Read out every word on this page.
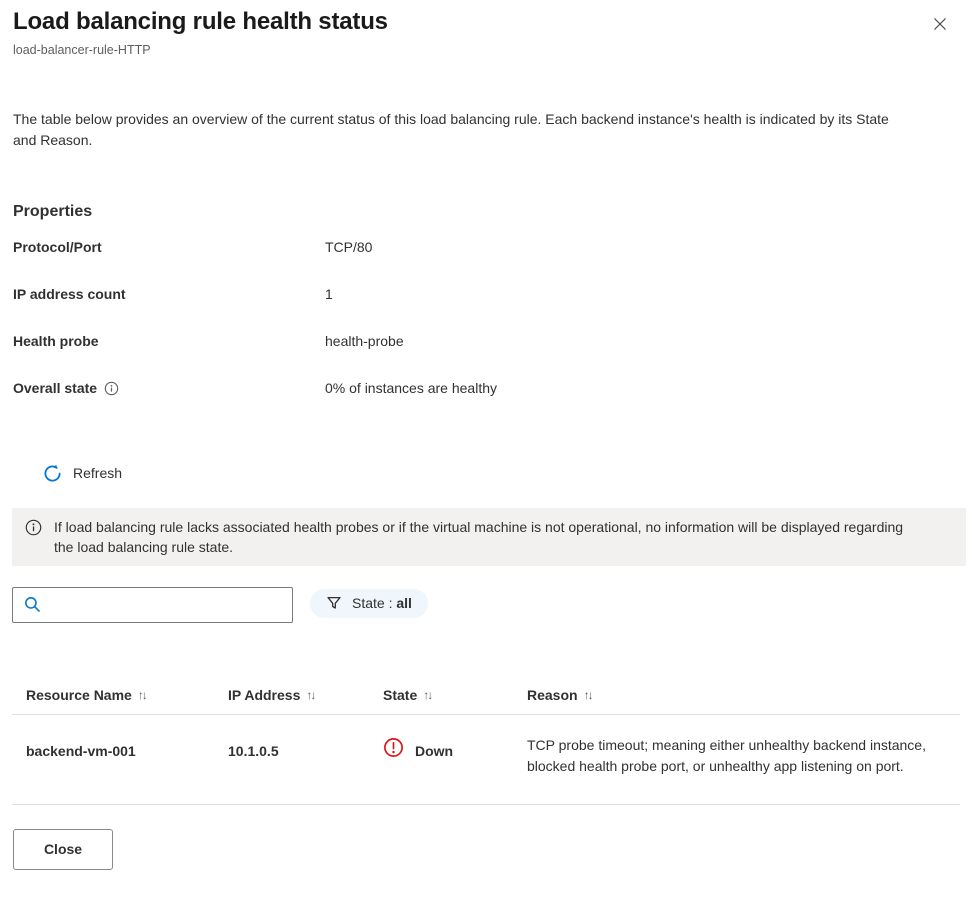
Load balancing rule health status
load-balancer-rule-HTTP
The table below provides an overview of the current status of this load balancing rule. Each backend instance's health is indicated by its State and Reason.
Properties
Protocol/Port	TCP/80
IP address count	1
Health probe	health-probe
Overall state	0% of instances are healthy
Refresh
If load balancing rule lacks associated health probes or if the virtual machine is not operational, no information will be displayed regarding the load balancing rule state.
State : all
Resource Name ↑↓	IP Address ↑↓	State ↑↓	Reason ↑↓
backend-vm-001	10.1.0.5	Down	TCP probe timeout; meaning either unhealthy backend instance, blocked health probe port, or unhealthy app listening on port.
Close
